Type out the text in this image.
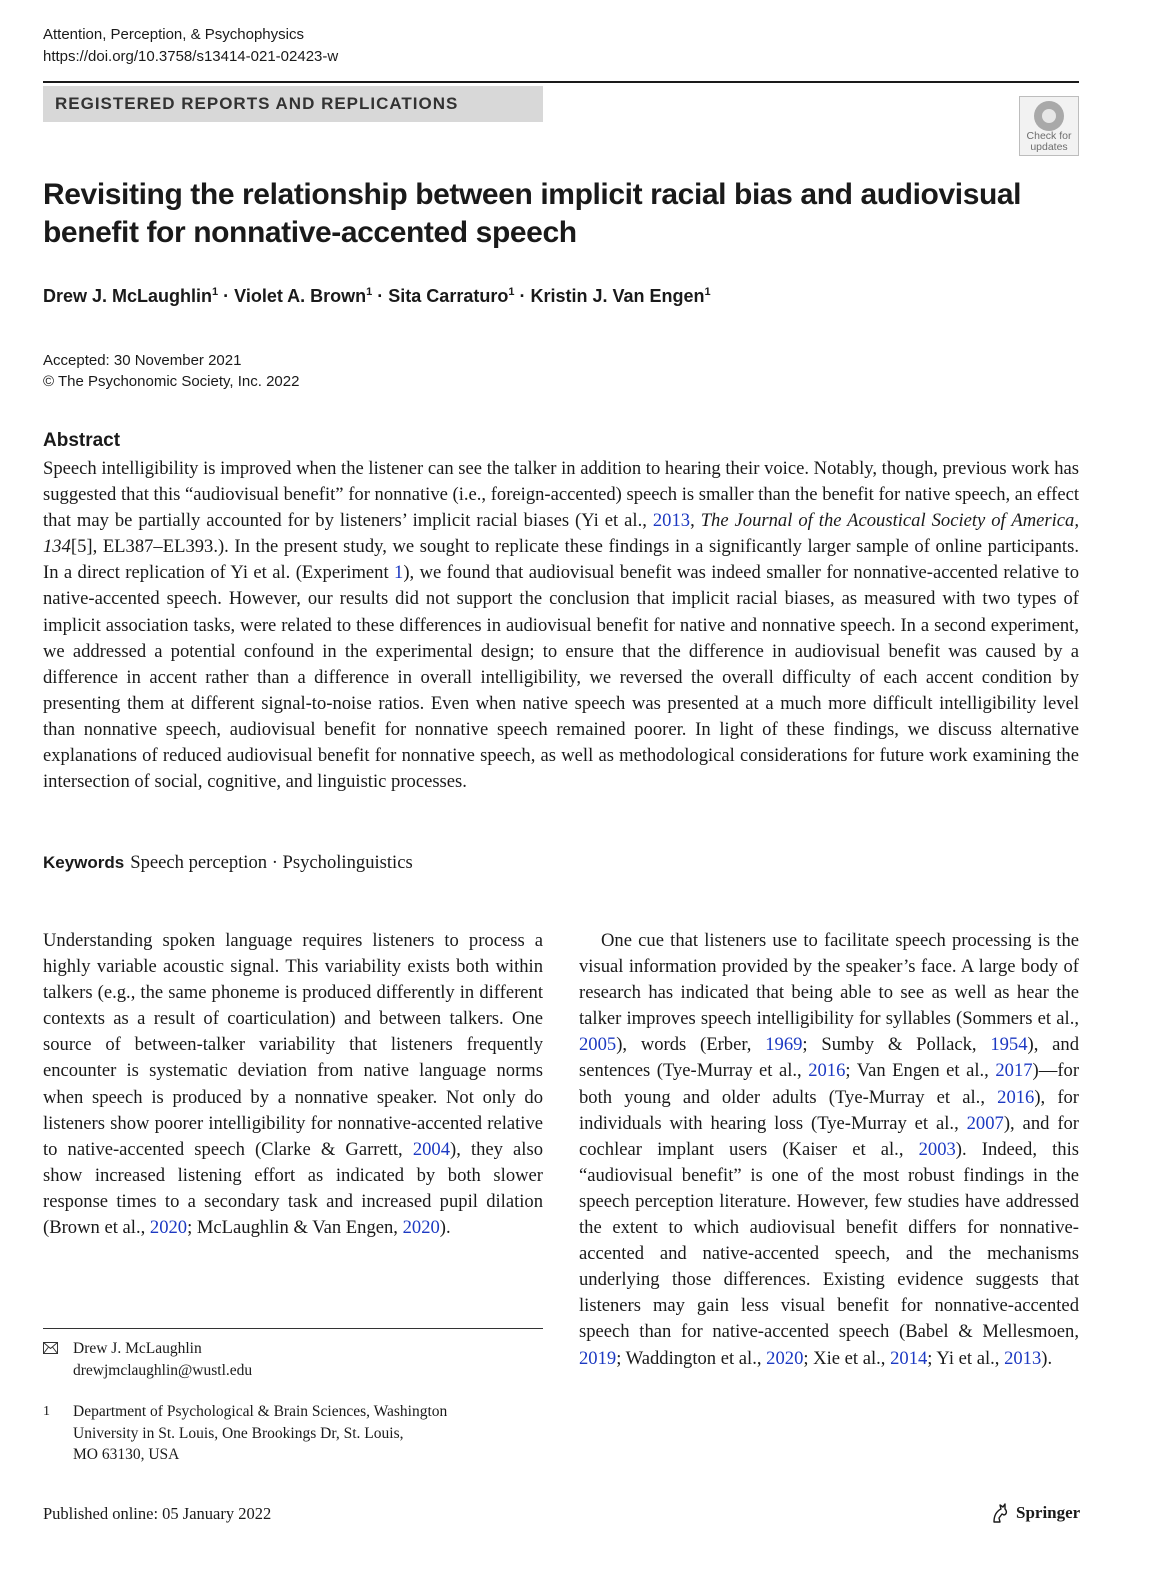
Attention, Perception, & Psychophysics
https://doi.org/10.3758/s13414-021-02423-w
REGISTERED REPORTS AND REPLICATIONS
Check for
updates
Revisiting the relationship between implicit racial bias and audiovisual
benefit for nonnative-accented speech
Drew J. McLaughlin$^1$ · Violet A. Brown$^1$ · Sita Carraturo$^1$ · Kristin J. Van Engen$^1$
Accepted: 30 November 2021
© The Psychonomic Society, Inc. 2022
Abstract

Speech intelligibility is improved when the listener can see the talker in addition to hearing their voice. Notably, though, previous work has suggested that this “audiovisual benefit” for nonnative (i.e., foreign-accented) speech is smaller than the benefit for native speech, an effect that may be partially accounted for by listeners’ implicit racial biases (Yi et al., 2013, The Journal of the Acoustical Society of America, 134[5], EL387–EL393.). In the present study, we sought to replicate these findings in a significantly larger sample of online participants. In a direct replication of Yi et al. (Experiment 1), we found that audiovisual benefit was indeed smaller for nonnative-accented relative to native-accented speech. However, our results did not support the conclusion that implicit racial biases, as measured with two types of implicit association tasks, were related to these differences in audiovisual benefit for native and nonnative speech. In a second experiment, we addressed a potential confound in the experimental design; to ensure that the difference in audiovisual benefit was caused by a difference in accent rather than a difference in overall intelligibility, we reversed the overall difficulty of each accent condition by presenting them at different signal-to-noise ratios. Even when native speech was presented at a much more difficult intelligibility level than nonnative speech, audiovisual benefit for nonnative speech remained poorer. In light of these findings, we discuss alternative explanations of reduced audiovisual benefit for nonnative speech, as well as methodological considerations for future work examining the intersection of social, cognitive, and linguistic processes.

Keywords Speech perception · Psycholinguistics

Understanding spoken language requires listeners to process a highly variable acoustic signal. This variability exists both within talkers (e.g., the same phoneme is produced differently in different contexts as a result of coarticulation) and between talkers. One source of between-talker variability that listeners frequently encounter is systematic deviation from native language norms when speech is produced by a nonnative speaker. Not only do listeners show poorer intelligibility for nonnative-accented relative to native-accented speech (Clarke & Garrett, 2004), they also show increased listening effort as indicated by both slower response times to a secondary task and increased pupil dilation (Brown et al., 2020; McLaughlin & Van Engen, 2020).

One cue that listeners use to facilitate speech processing is the visual information provided by the speaker’s face. A large body of research has indicated that being able to see as well as hear the talker improves speech intelligibility for syllables (Sommers et al., 2005), words (Erber, 1969; Sumby & Pollack, 1954), and sentences (Tye-Murray et al., 2016; Van Engen et al., 2017)—for both young and older adults (Tye-Murray et al., 2016), for individuals with hearing loss (Tye-Murray et al., 2007), and for cochlear implant users (Kaiser et al., 2003). Indeed, this “audiovisual benefit” is one of the most robust findings in the speech perception literature. However, few studies have addressed the extent to which audiovisual benefit differs for nonnative-accented and native-accented speech, and the mechanisms underlying those differences. Existing evidence suggests that listeners may gain less visual benefit for nonnative-accented speech than for native-accented speech (Babel & Mellesmoen, 2019; Waddington et al., 2020; Xie et al., 2014; Yi et al., 2013).

Drew J. McLaughlin
drewjmclaughlin@wustl.edu
1 Department of Psychological & Brain Sciences, Washington
University in St. Louis, One Brookings Dr, St. Louis,
MO 63130, USA
Published online: 05 January 2022	Springer
